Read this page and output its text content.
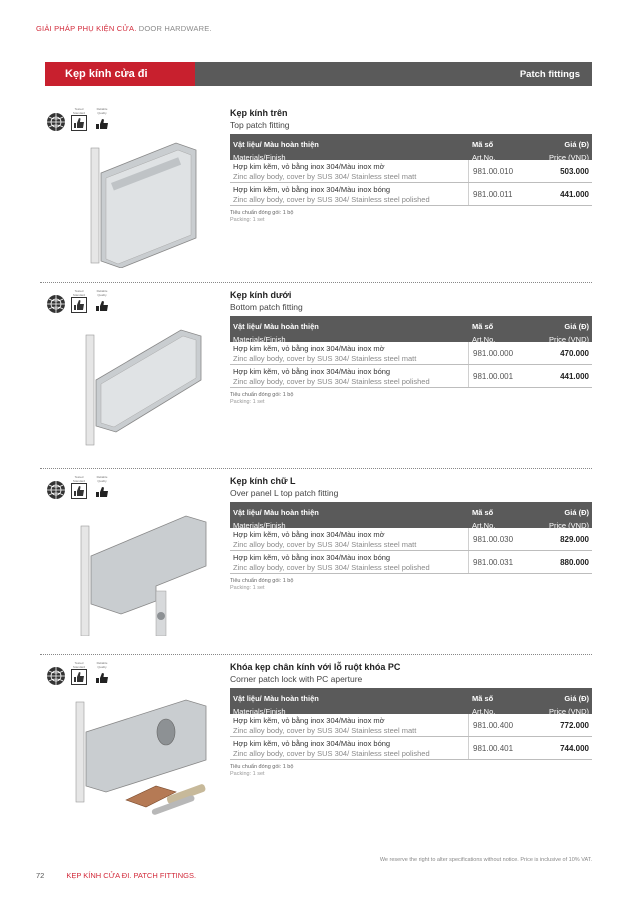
GIẢI PHÁP PHỤ KIỆN CỬA. DOOR HARDWARE.
Kẹp kính cửa đi	Patch fittings
Tested Standard
Reliable Quality	Kẹp kính trên
Top patch fitting
Vật liệu/ Màu hoàn thiện
Materials/Finish
Mã số
Art.No.
Giá (Đ)
Price (VND)
Hợp kim kẽm, vỏ bằng inox 304/Màu inox mờ
Zinc alloy body, cover by SUS 304/ Stainless steel matt	981.00.010	503.000
Hợp kim kẽm, vỏ bằng inox 304/Màu inox bóng
Zinc alloy body, cover by SUS 304/ Stainless steel polished	981.00.011	441.000
Tiêu chuẩn đóng gói: 1 bộ
Packing: 1 set
Tested Standard
Reliable Quality	Kẹp kính dưới
Bottom patch fitting
Vật liệu/ Màu hoàn thiện
Materials/Finish
Mã số
Art.No.
Giá (Đ)
Price (VND)
Hợp kim kẽm, vỏ bằng inox 304/Màu inox mờ
Zinc alloy body, cover by SUS 304/ Stainless steel matt	981.00.000	470.000
Hợp kim kẽm, vỏ bằng inox 304/Màu inox bóng
Zinc alloy body, cover by SUS 304/ Stainless steel polished	981.00.001	441.000
Tiêu chuẩn đóng gói: 1 bộ
Packing: 1 set
Tested Standard
Reliable Quality	Kẹp kính chữ L
Over panel L top patch fitting
Vật liệu/ Màu hoàn thiện
Materials/Finish
Mã số
Art.No.
Giá (Đ)
Price (VND)
Hợp kim kẽm, vỏ bằng inox 304/Màu inox mờ
Zinc alloy body, cover by SUS 304/ Stainless steel matt	981.00.030	829.000
Hợp kim kẽm, vỏ bằng inox 304/Màu inox bóng
Zinc alloy body, cover by SUS 304/ Stainless steel polished	981.00.031	880.000
Tiêu chuẩn đóng gói: 1 bộ
Packing: 1 set
Tested Standard
Reliable Quality	Khóa kẹp chân kính với lỗ ruột khóa PC
Corner patch lock with PC aperture
Vật liệu/ Màu hoàn thiện
Materials/Finish
Mã số
Art.No.
Giá (Đ)
Price (VND)
Hợp kim kẽm, vỏ bằng inox 304/Màu inox mờ
Zinc alloy body, cover by SUS 304/ Stainless steel matt	981.00.400	772.000
Hợp kim kẽm, vỏ bằng inox 304/Màu inox bóng
Zinc alloy body, cover by SUS 304/ Stainless steel polished	981.00.401	744.000
Tiêu chuẩn đóng gói: 1 bộ
Packing: 1 set
We reserve the right to alter specifications without notice. Price is inclusive of 10% VAT.
72	KẸP KÍNH CỬA ĐI. PATCH FITTINGS.
